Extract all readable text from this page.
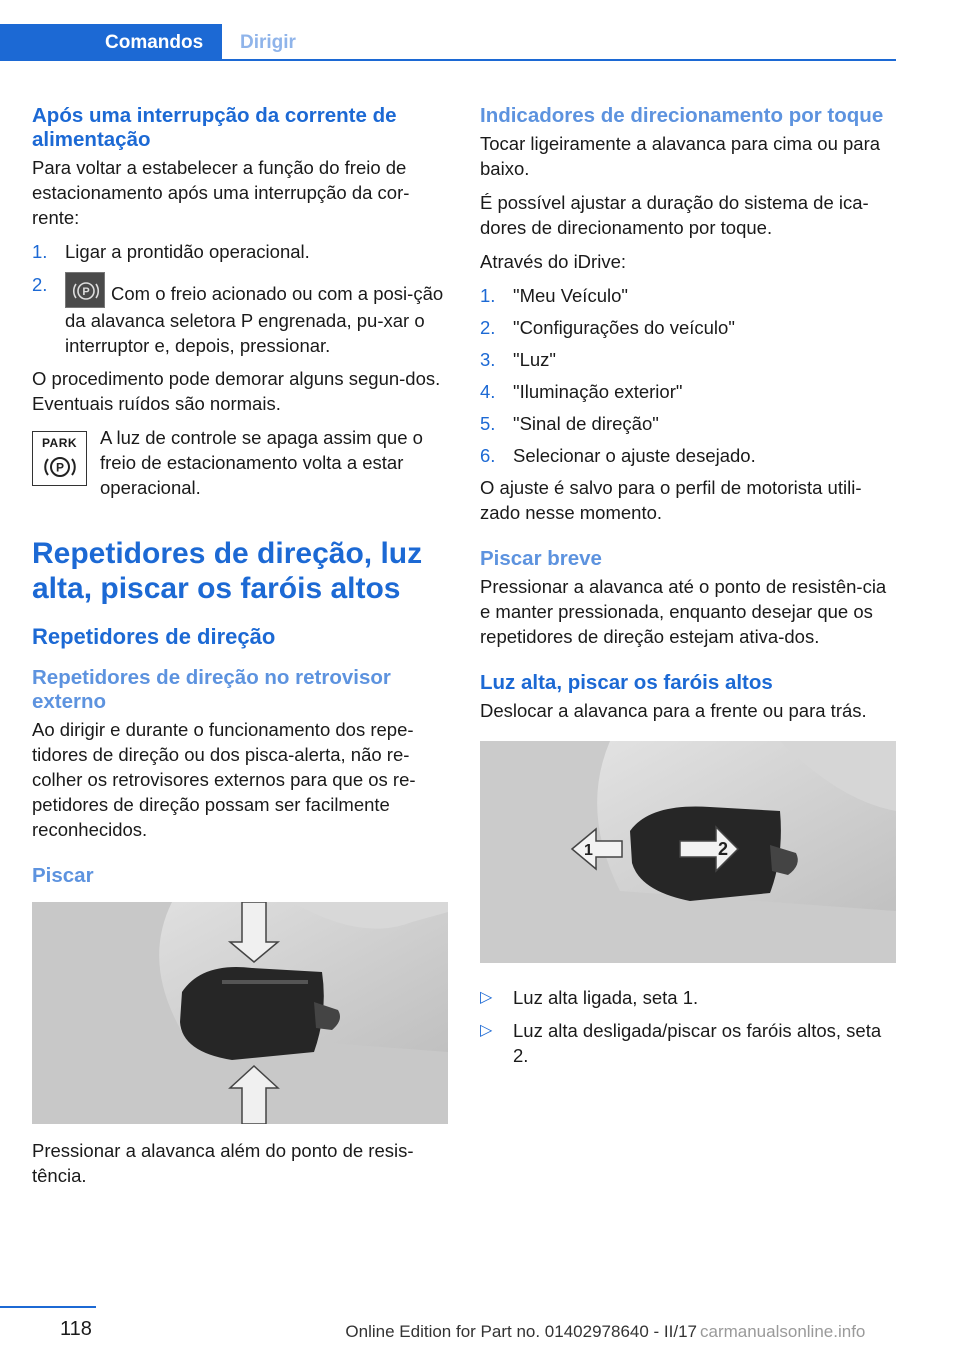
Comandos Dirigir
Após uma interrupção da corrente de alimentação

Para voltar a estabelecer a função do freio de estacionamento após uma interrupção da cor-rente:

1. Ligar a prontidão operacional.
2.	P Com o freio acionado ou com a posi-ção da alavanca seletora P engrenada, pu-xar o interruptor e, depois, pressionar.

O procedimento pode demorar alguns segun-dos. Eventuais ruídos são normais.

PARK
P

A luz de controle se apaga assim que o freio de estacionamento volta a estar operacional.

Repetidores de direção, luz alta, piscar os faróis altos
Repetidores de direção
Repetidores de direção no retrovisor externo

Ao dirigir e durante o funcionamento dos repe-tidores de direção ou dos pisca-alerta, não re-colher os retrovisores externos para que os re-petidores de direção possam ser facilmente reconhecidos.

Piscar

Pressionar a alavanca além do ponto de resis-tência.

Indicadores de direcionamento por toque

Tocar ligeiramente a alavanca para cima ou para baixo.

É possível ajustar a duração do sistema de ica-dores de direcionamento por toque.

Através do iDrive:

1. "Meu Veículo"
2. "Configurações do veículo"
3. "Luz"
4. "Iluminação exterior"
5. "Sinal de direção"
6. Selecionar o ajuste desejado.

O ajuste é salvo para o perfil de motorista utili-zado nesse momento.

Piscar breve

Pressionar a alavanca até o ponto de resistên-cia e manter pressionada, enquanto desejar que os repetidores de direção estejam ativa-dos.

Luz alta, piscar os faróis altos

Deslocar a alavanca para a frente ou para trás.

1	2
▷ Luz alta ligada, seta 1.
▷ Luz alta desligada/piscar os faróis altos, seta 2.
118	Online Edition for Part no. 01402978640 - II/17 carmanualsonline.info
